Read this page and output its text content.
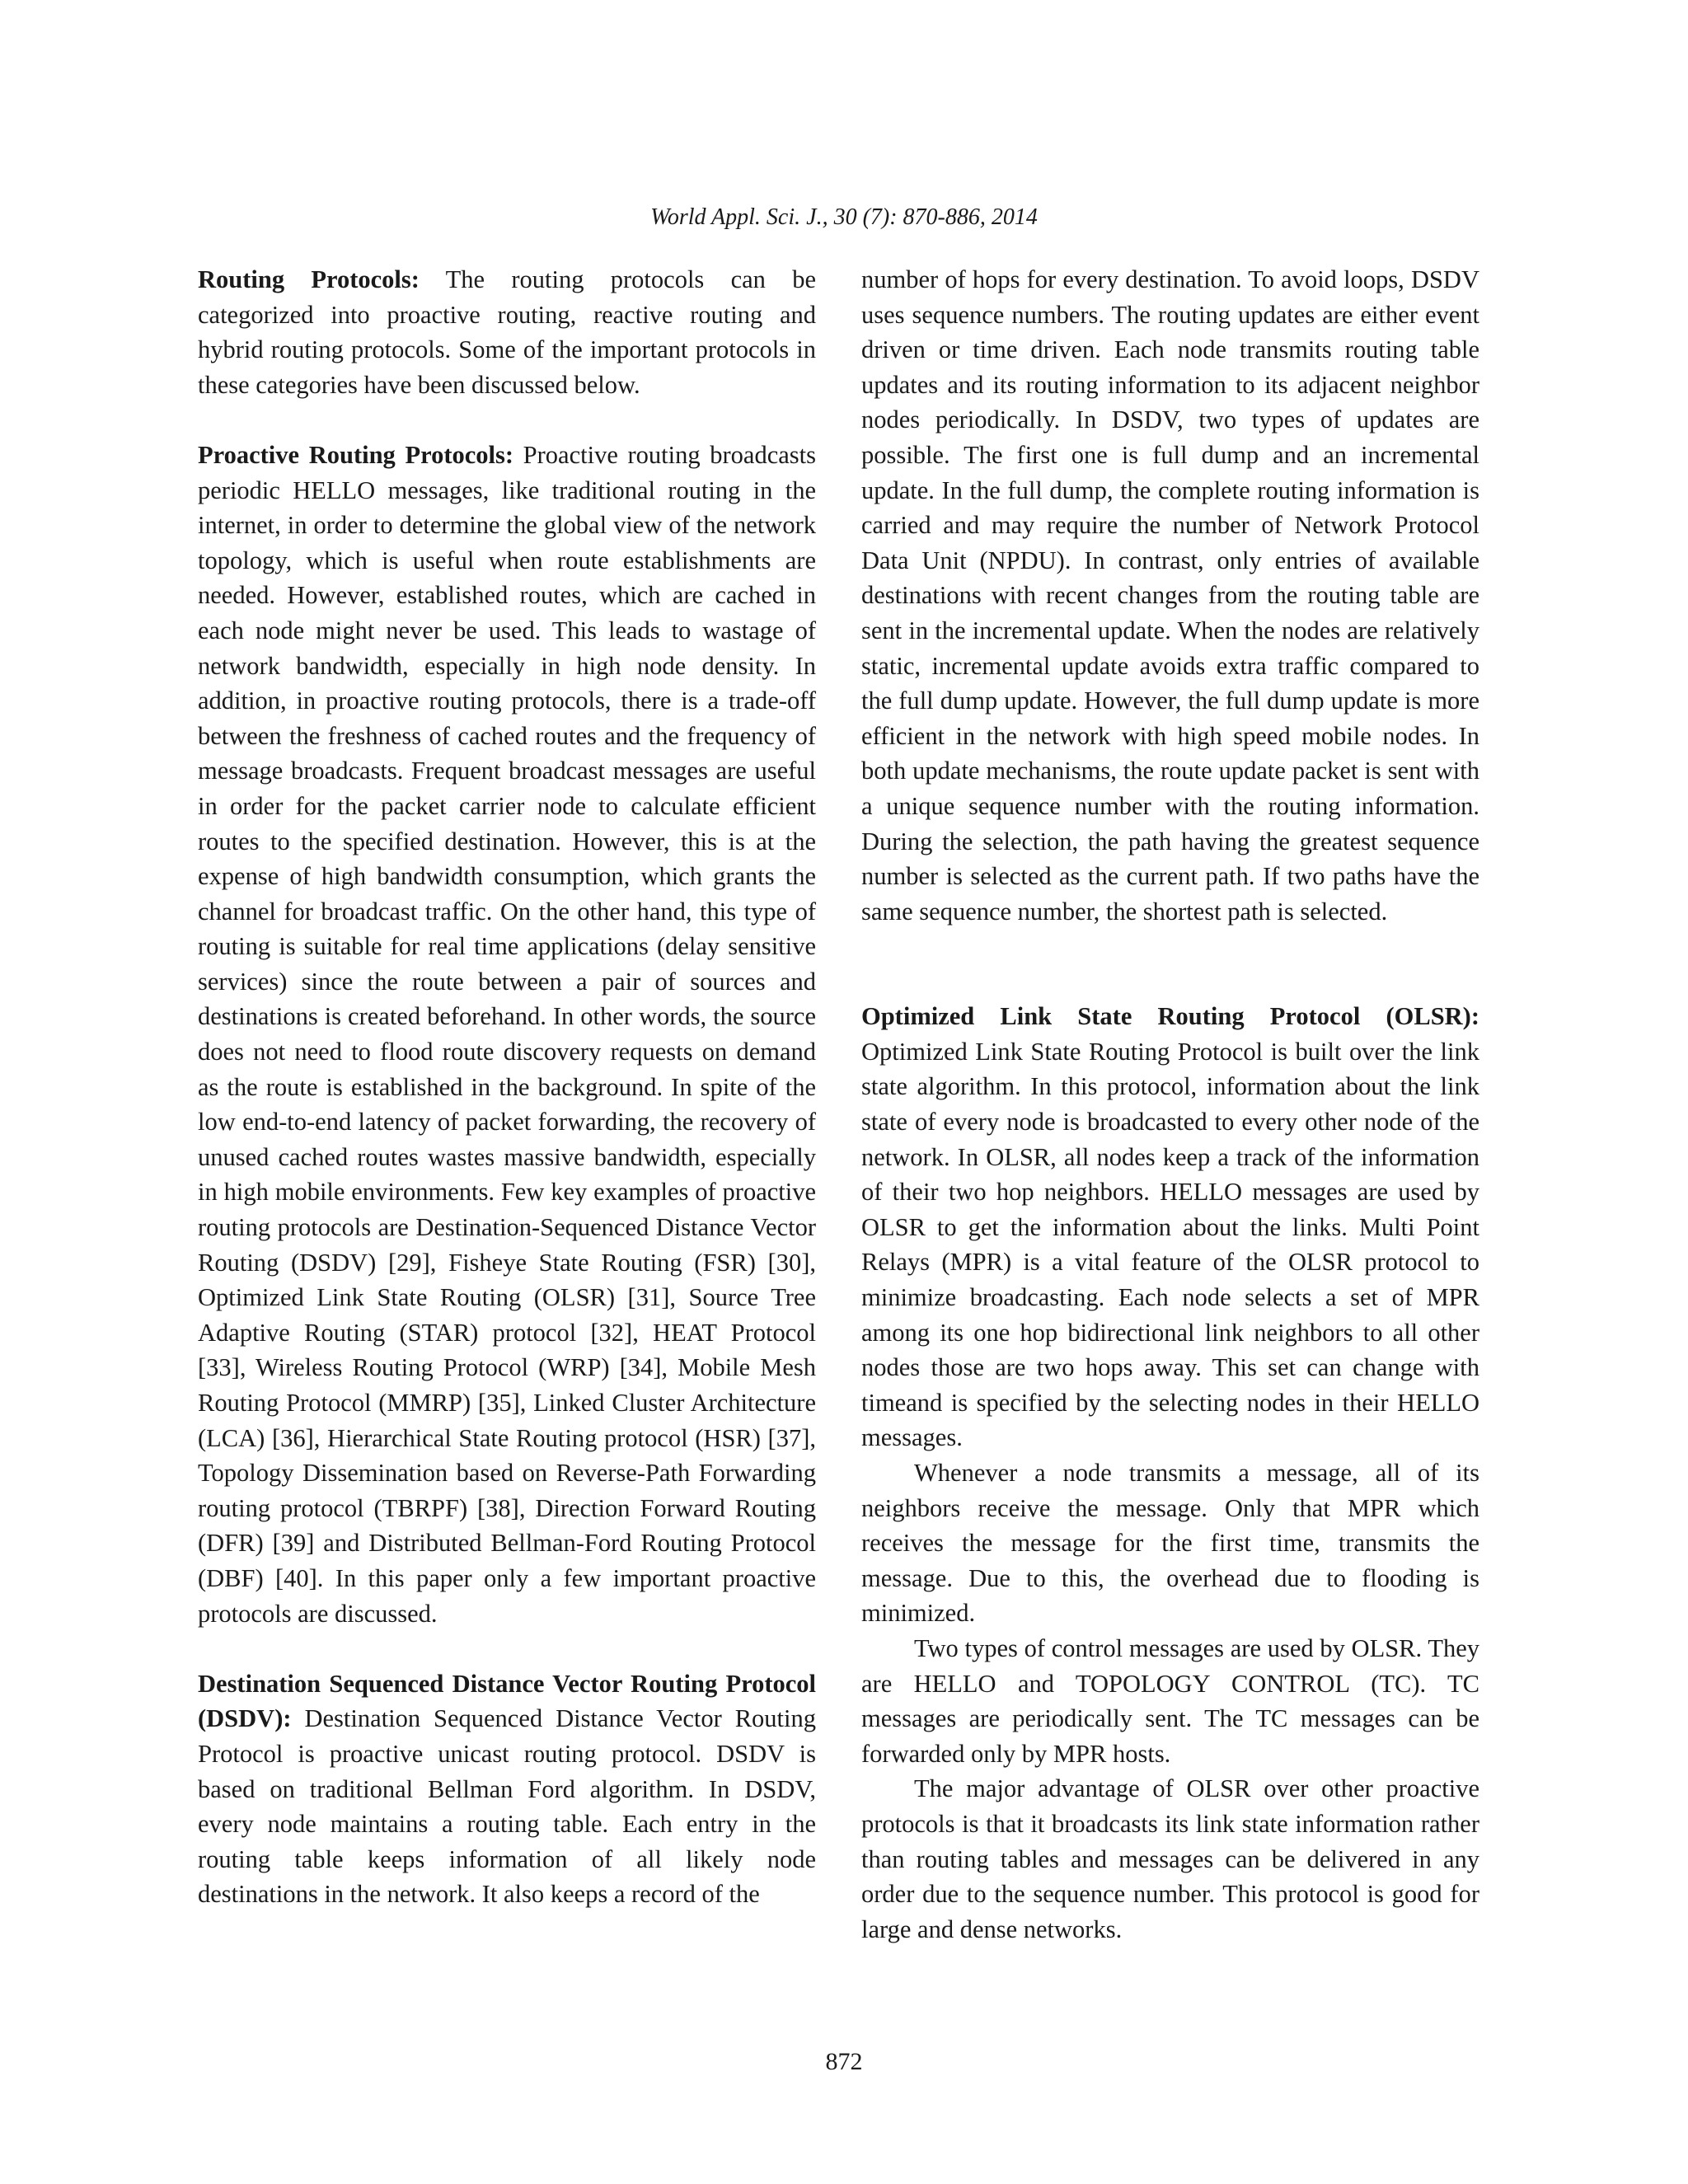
World Appl. Sci. J., 30 (7): 870-886, 2014

Routing Protocols: The routing protocols can be categorized into proactive routing, reactive routing and hybrid routing protocols. Some of the important protocols in these categories have been discussed below.

Proactive Routing Protocols: Proactive routing broadcasts periodic HELLO messages, like traditional routing in the internet, in order to determine the global view of the network topology, which is useful when route establishments are needed. However, established routes, which are cached in each node might never be used. This leads to wastage of network bandwidth, especially in high node density. In addition, in proactive routing protocols, there is a trade-off between the freshness of cached routes and the frequency of message broadcasts. Frequent broadcast messages are useful in order for the packet carrier node to calculate efficient routes to the specified destination. However, this is at the expense of high bandwidth consumption, which grants the channel for broadcast traffic. On the other hand, this type of routing is suitable for real time applications (delay sensitive services) since the route between a pair of sources and destinations is created beforehand. In other words, the source does not need to flood route discovery requests on demand as the route is established in the background. In spite of the low end-to-end latency of packet forwarding, the recovery of unused cached routes wastes massive bandwidth, especially in high mobile environments. Few key examples of proactive routing protocols are Destination-Sequenced Distance Vector Routing (DSDV) [29], Fisheye State Routing (FSR) [30], Optimized Link State Routing (OLSR) [31], Source Tree Adaptive Routing (STAR) protocol [32], HEAT Protocol [33], Wireless Routing Protocol (WRP) [34], Mobile Mesh Routing Protocol (MMRP) [35], Linked Cluster Architecture (LCA) [36], Hierarchical State Routing protocol (HSR) [37], Topology Dissemination based on Reverse-Path Forwarding routing protocol (TBRPF) [38], Direction Forward Routing (DFR) [39] and Distributed Bellman-Ford Routing Protocol (DBF) [40]. In this paper only a few important proactive protocols are discussed.

Destination Sequenced Distance Vector Routing Protocol (DSDV): Destination Sequenced Distance Vector Routing Protocol is proactive unicast routing protocol. DSDV is based on traditional Bellman Ford algorithm. In DSDV, every node maintains a routing table. Each entry in the routing table keeps information of all likely node destinations in the network. It also keeps a record of the

number of hops for every destination. To avoid loops, DSDV uses sequence numbers. The routing updates are either event driven or time driven. Each node transmits routing table updates and its routing information to its adjacent neighbor nodes periodically. In DSDV, two types of updates are possible. The first one is full dump and an incremental update. In the full dump, the complete routing information is carried and may require the number of Network Protocol Data Unit (NPDU). In contrast, only entries of available destinations with recent changes from the routing table are sent in the incremental update. When the nodes are relatively static, incremental update avoids extra traffic compared to the full dump update. However, the full dump update is more efficient in the network with high speed mobile nodes. In both update mechanisms, the route update packet is sent with a unique sequence number with the routing information. During the selection, the path having the greatest sequence number is selected as the current path. If two paths have the same sequence number, the shortest path is selected.

Optimized Link State Routing Protocol (OLSR): Optimized Link State Routing Protocol is built over the link state algorithm. In this protocol, information about the link state of every node is broadcasted to every other node of the network. In OLSR, all nodes keep a track of the information of their two hop neighbors. HELLO messages are used by OLSR to get the information about the links. Multi Point Relays (MPR) is a vital feature of the OLSR protocol to minimize broadcasting. Each node selects a set of MPR among its one hop bidirectional link neighbors to all other nodes those are two hops away. This set can change with timeand is specified by the selecting nodes in their HELLO messages.

Whenever a node transmits a message, all of its neighbors receive the message. Only that MPR which receives the message for the first time, transmits the message. Due to this, the overhead due to flooding is minimized.

Two types of control messages are used by OLSR. They are HELLO and TOPOLOGY CONTROL (TC). TC messages are periodically sent. The TC messages can be forwarded only by MPR hosts.

The major advantage of OLSR over other proactive protocols is that it broadcasts its link state information rather than routing tables and messages can be delivered in any order due to the sequence number. This protocol is good for large and dense networks.

872
